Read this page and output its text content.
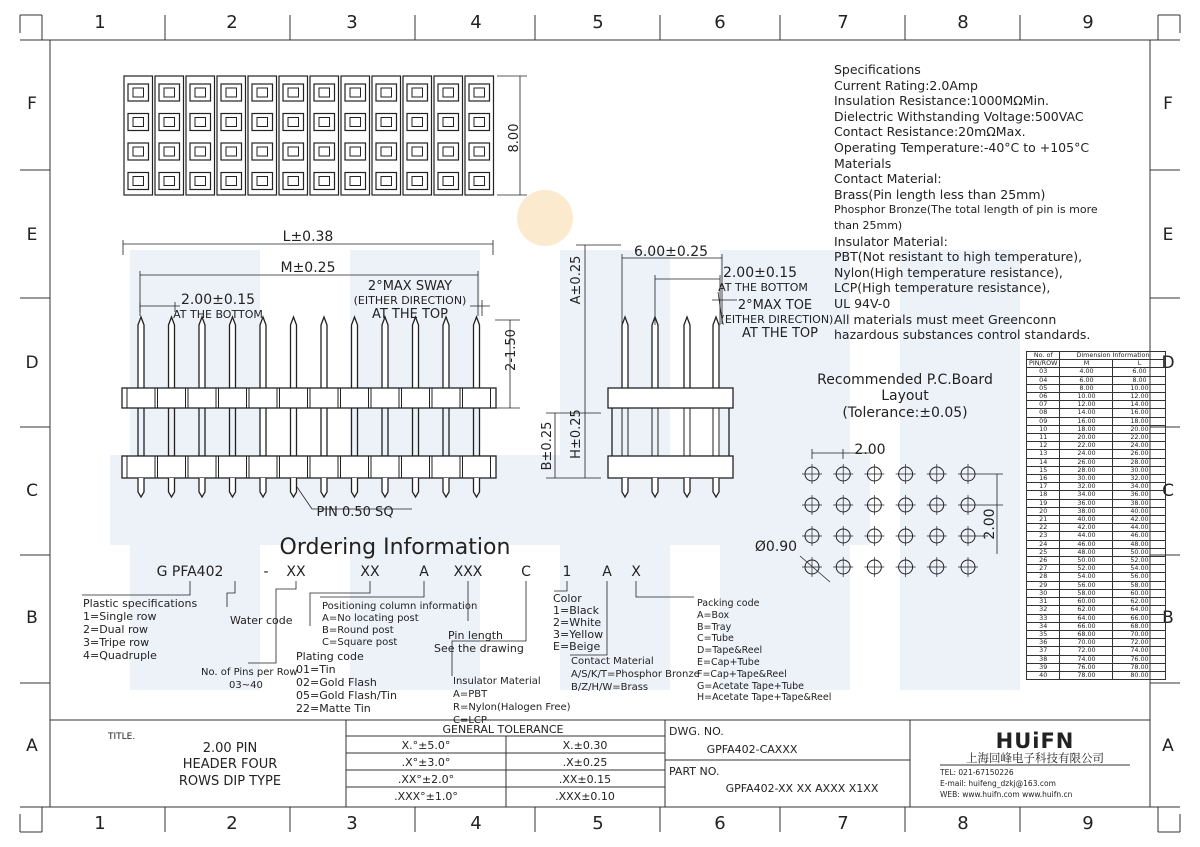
1	2	3	4	5	6	7	8	9
1	2	3	4	5	6	7	8	9
F	F
E	E
D	D
C	C
B	B
A	A
8.00
L±0.38
M±0.25
2.00±0.15
AT THE BOTTOM
2°MAX SWAY
(EITHER DIRECTION)
AT THE TOP
2-1.50
PIN 0.50 SQ
6.00±0.25
2.00±0.15
AT THE BOTTOM
2°MAX TOE
(EITHER DIRECTION)
AT THE TOP
A±0.25
B±0.25 H±0.25
Recommended P.C.Board
Layout
(Tolerance:±0.05)
2.00
2.00
Ø0.90
Ordering Information
G PFA402	- XX	XX	A XXX	C 1 A X
Water code
TITLE.
2.00 PIN
HEADER FOUR
ROWS DIP TYPE
GENERAL TOLERANCE
X.°±5.0°	X.±0.30
.X°±3.0°	.X±0.25
.XX°±2.0°	.XX±0.15
.XXX°±1.0°	.XXX±0.10
DWG. NO.
GPFA402-CAXXX
PART NO.
GPFA402-XX XX AXXX X1XX
HUiFN
上海回峰电子科技有限公司
TEL: 021-67150226
E-mail: huifeng_dzkj@163.com
WEB: www.huifn.com www.huifn.cn
Specifications
Current Rating:2.0Amp
Insulation Resistance:1000MΩMin.
Dielectric Withstanding Voltage:500VAC
Contact Resistance:20mΩMax.
Operating Temperature:-40°C to +105°C
Materials
Contact Material:
Brass(Pin length less than 25mm)
Phosphor Bronze(The total length of pin is more
than 25mm)
Insulator Material:
PBT(Not resistant to high temperature),
Nylon(High temperature resistance),
LCP(High temperature resistance),
UL 94V-0
All materials must meet Greenconn
hazardous substances control standards.
No. of	Dimension Information	
PIN/ROW	M	L
03	4.00	6.00
04	6.00	8.00
05	8.00	10.00
06	10.00	12.00
07	12.00	14.00
08	14.00	16.00
09	16.00	18.00
10	18.00	20.00
11	20.00	22.00
12	22.00	24.00
13	24.00	26.00
14	26.00	28.00
15	28.00	30.00
16	30.00	32.00
17	32.00	34.00
18	34.00	36.00
19	36.00	38.00
20	38.00	40.00
21	40.00	42.00
22	42.00	44.00
23	44.00	46.00
24	46.00	48.00
25	48.00	50.00
26	50.00	52.00
27	52.00	54.00
28	54.00	56.00
29	56.00	58.00
30	58.00	60.00
31	60.00	62.00
32	62.00	64.00
33	64.00	66.00
34	66.00	68.00
35	68.00	70.00
36	70.00	72.00
37	72.00	74.00
38	74.00	76.00
39	76.00	78.00
40	78.00	80.00
Plastic specifications
1=Single row
2=Dual row
3=Tripe row
4=Quadruple
No. of Pins per Row
03~40
Plating code
01=Tin
02=Gold Flash
05=Gold Flash/Tin
22=Matte Tin
Positioning column information
A=No locating post
B=Round post
C=Square post
Pin length
See the drawing
Insulator Material
A=PBT
R=Nylon(Halogen Free)
C=LCP
Color
1=Black
2=White
3=Yellow
E=Beige
Contact Material
A/S/K/T=Phosphor Bronze
B/Z/H/W=Brass
Packing code
A=Box
B=Tray
C=Tube
D=Tape&Reel
E=Cap+Tube
F=Cap+Tape&Reel
G=Acetate Tape+Tube
H=Acetate Tape+Tape&Reel
